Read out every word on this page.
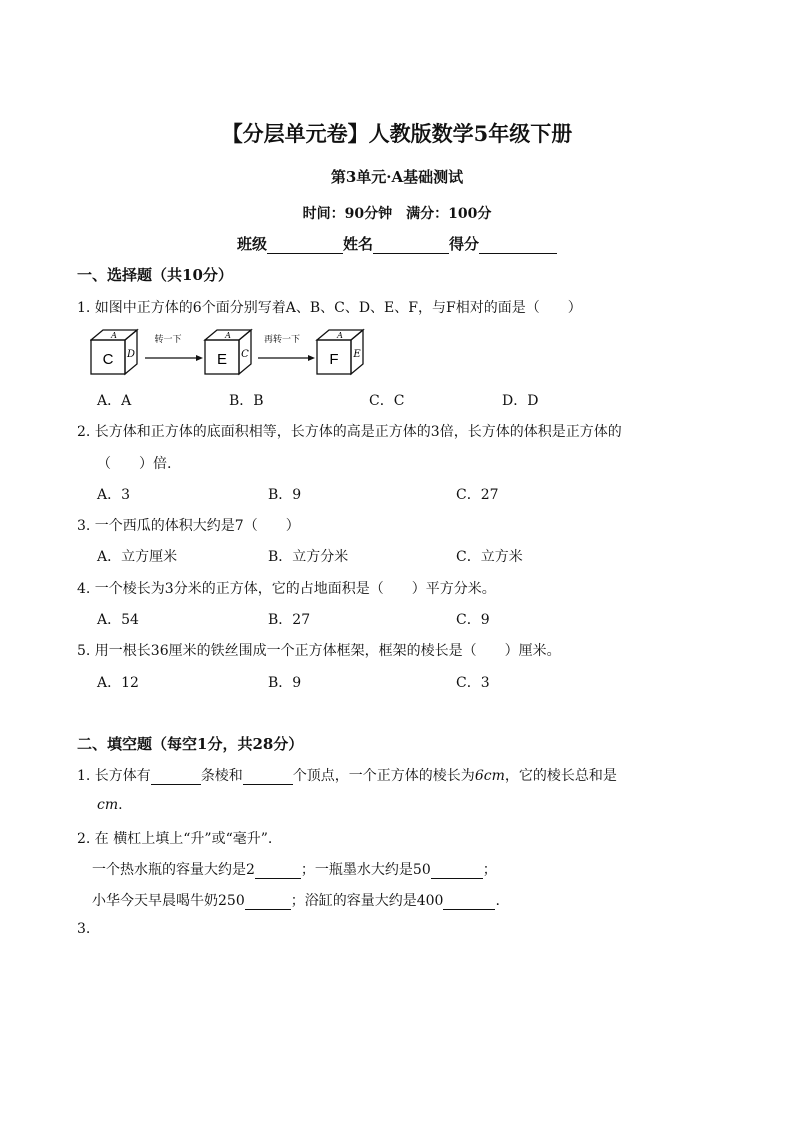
【分层单元卷】人教版数学5年级下册
第3单元·A基础测试
时间：90分钟　满分：100分
班级	姓名	得分
一、选择题（共10分）
1. 如图中正方体的6个面分别写着A、B、C、D、E、F，与F相对的面是（　　）
C
A
D
转一下
E
A
C
再转一下
F
A
E
A．A	B．B	C．C	D．D
2. 长方体和正方体的底面积相等，长方体的高是正方体的3倍，长方体的体积是正方体的
（　　）倍.
A．3	B．9	C．27
3. 一个西瓜的体积大约是7（　　）
A．立方厘米	B．立方分米	C．立方米
4. 一个棱长为3分米的正方体，它的占地面积是（　　）平方分米。
A．54	B．27	C．9
5. 用一根长36厘米的铁丝围成一个正方体框架，框架的棱长是（　　）厘米。
A．12	B．9	C．3
二、填空题（每空1分，共28分）
1. 长方体有	条棱和	个顶点，一个正方体的棱长为6cm，它的棱长总和是
cm.
2. 在 横杠上填上“升”或“毫升”.
一个热水瓶的容量大约是2	；一瓶墨水大约是50	；
小华今天早晨喝牛奶250	；浴缸的容量大约是400	.
3.
